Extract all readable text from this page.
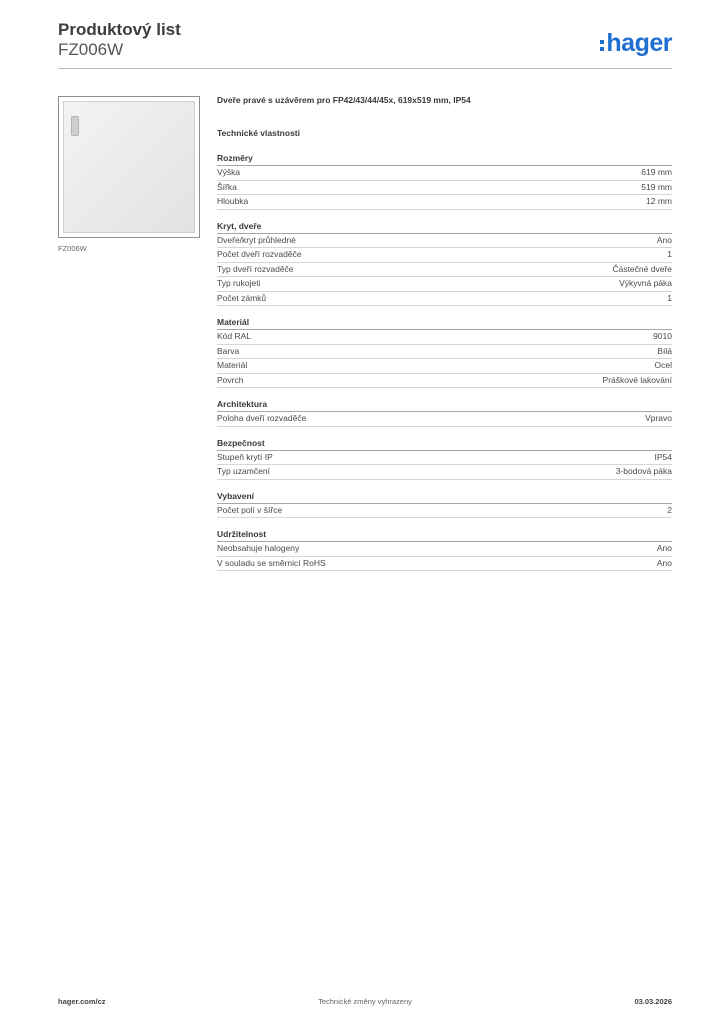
Produktový list
FZ006W	hager
FZ006W
Dveře pravé s uzávěrem pro FP42/43/44/45x, 619x519 mm, IP54
Technické vlastnosti
Rozměry
Výška	619 mm
Šířka	519 mm
Hloubka	12 mm
Kryt, dveře
Dveře/kryt průhledné	Ano
Počet dveří rozvaděče	1
Typ dveří rozvaděče	Částečné dveře
Typ rukojeti	Výkyvná páka
Počet zámků	1
Materiál
Kód RAL	9010
Barva	Bílá
Materiál	Ocel
Povrch	Práškové lakování
Architektura
Poloha dveří rozvaděče	Vpravo
Bezpečnost
Stupeň krytí IP	IP54
Typ uzamčení	3-bodová páka
Vybavení
Počet polí v šířce	2
Udržitelnost
Neobsahuje halogeny	Ano
V souladu se směrnicí RoHS	Ano
hager.com/cz	Technické změny vyhrazeny	03.03.2026
